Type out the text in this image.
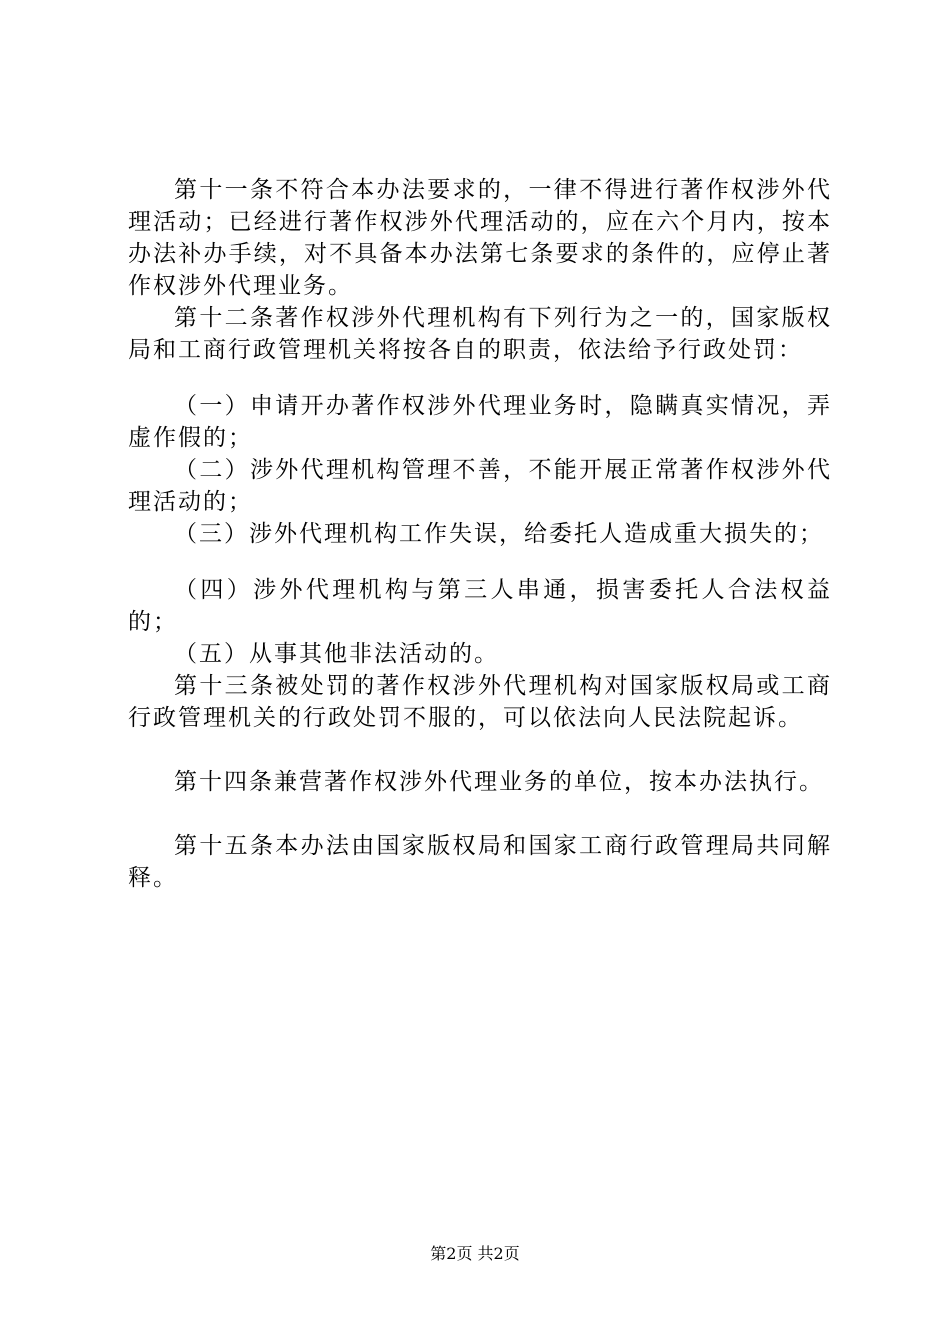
第十一条不符合本办法要求的，一律不得进行著作权涉外代理活动；已经进行著作权涉外代理活动的，应在六个月内，按本办法补办手续，对不具备本办法第七条要求的条件的，应停止著作权涉外代理业务。

第十二条著作权涉外代理机构有下列行为之一的，国家版权局和工商行政管理机关将按各自的职责，依法给予行政处罚：

（一）申请开办著作权涉外代理业务时，隐瞒真实情况，弄虚作假的；

（二）涉外代理机构管理不善，不能开展正常著作权涉外代理活动的；

（三）涉外代理机构工作失误，给委托人造成重大损失的；

（四）涉外代理机构与第三人串通，损害委托人合法权益的；

（五）从事其他非法活动的。

第十三条被处罚的著作权涉外代理机构对国家版权局或工商行政管理机关的行政处罚不服的，可以依法向人民法院起诉。

第十四条兼营著作权涉外代理业务的单位，按本办法执行。

第十五条本办法由国家版权局和国家工商行政管理局共同解释。

第2页 共2页
